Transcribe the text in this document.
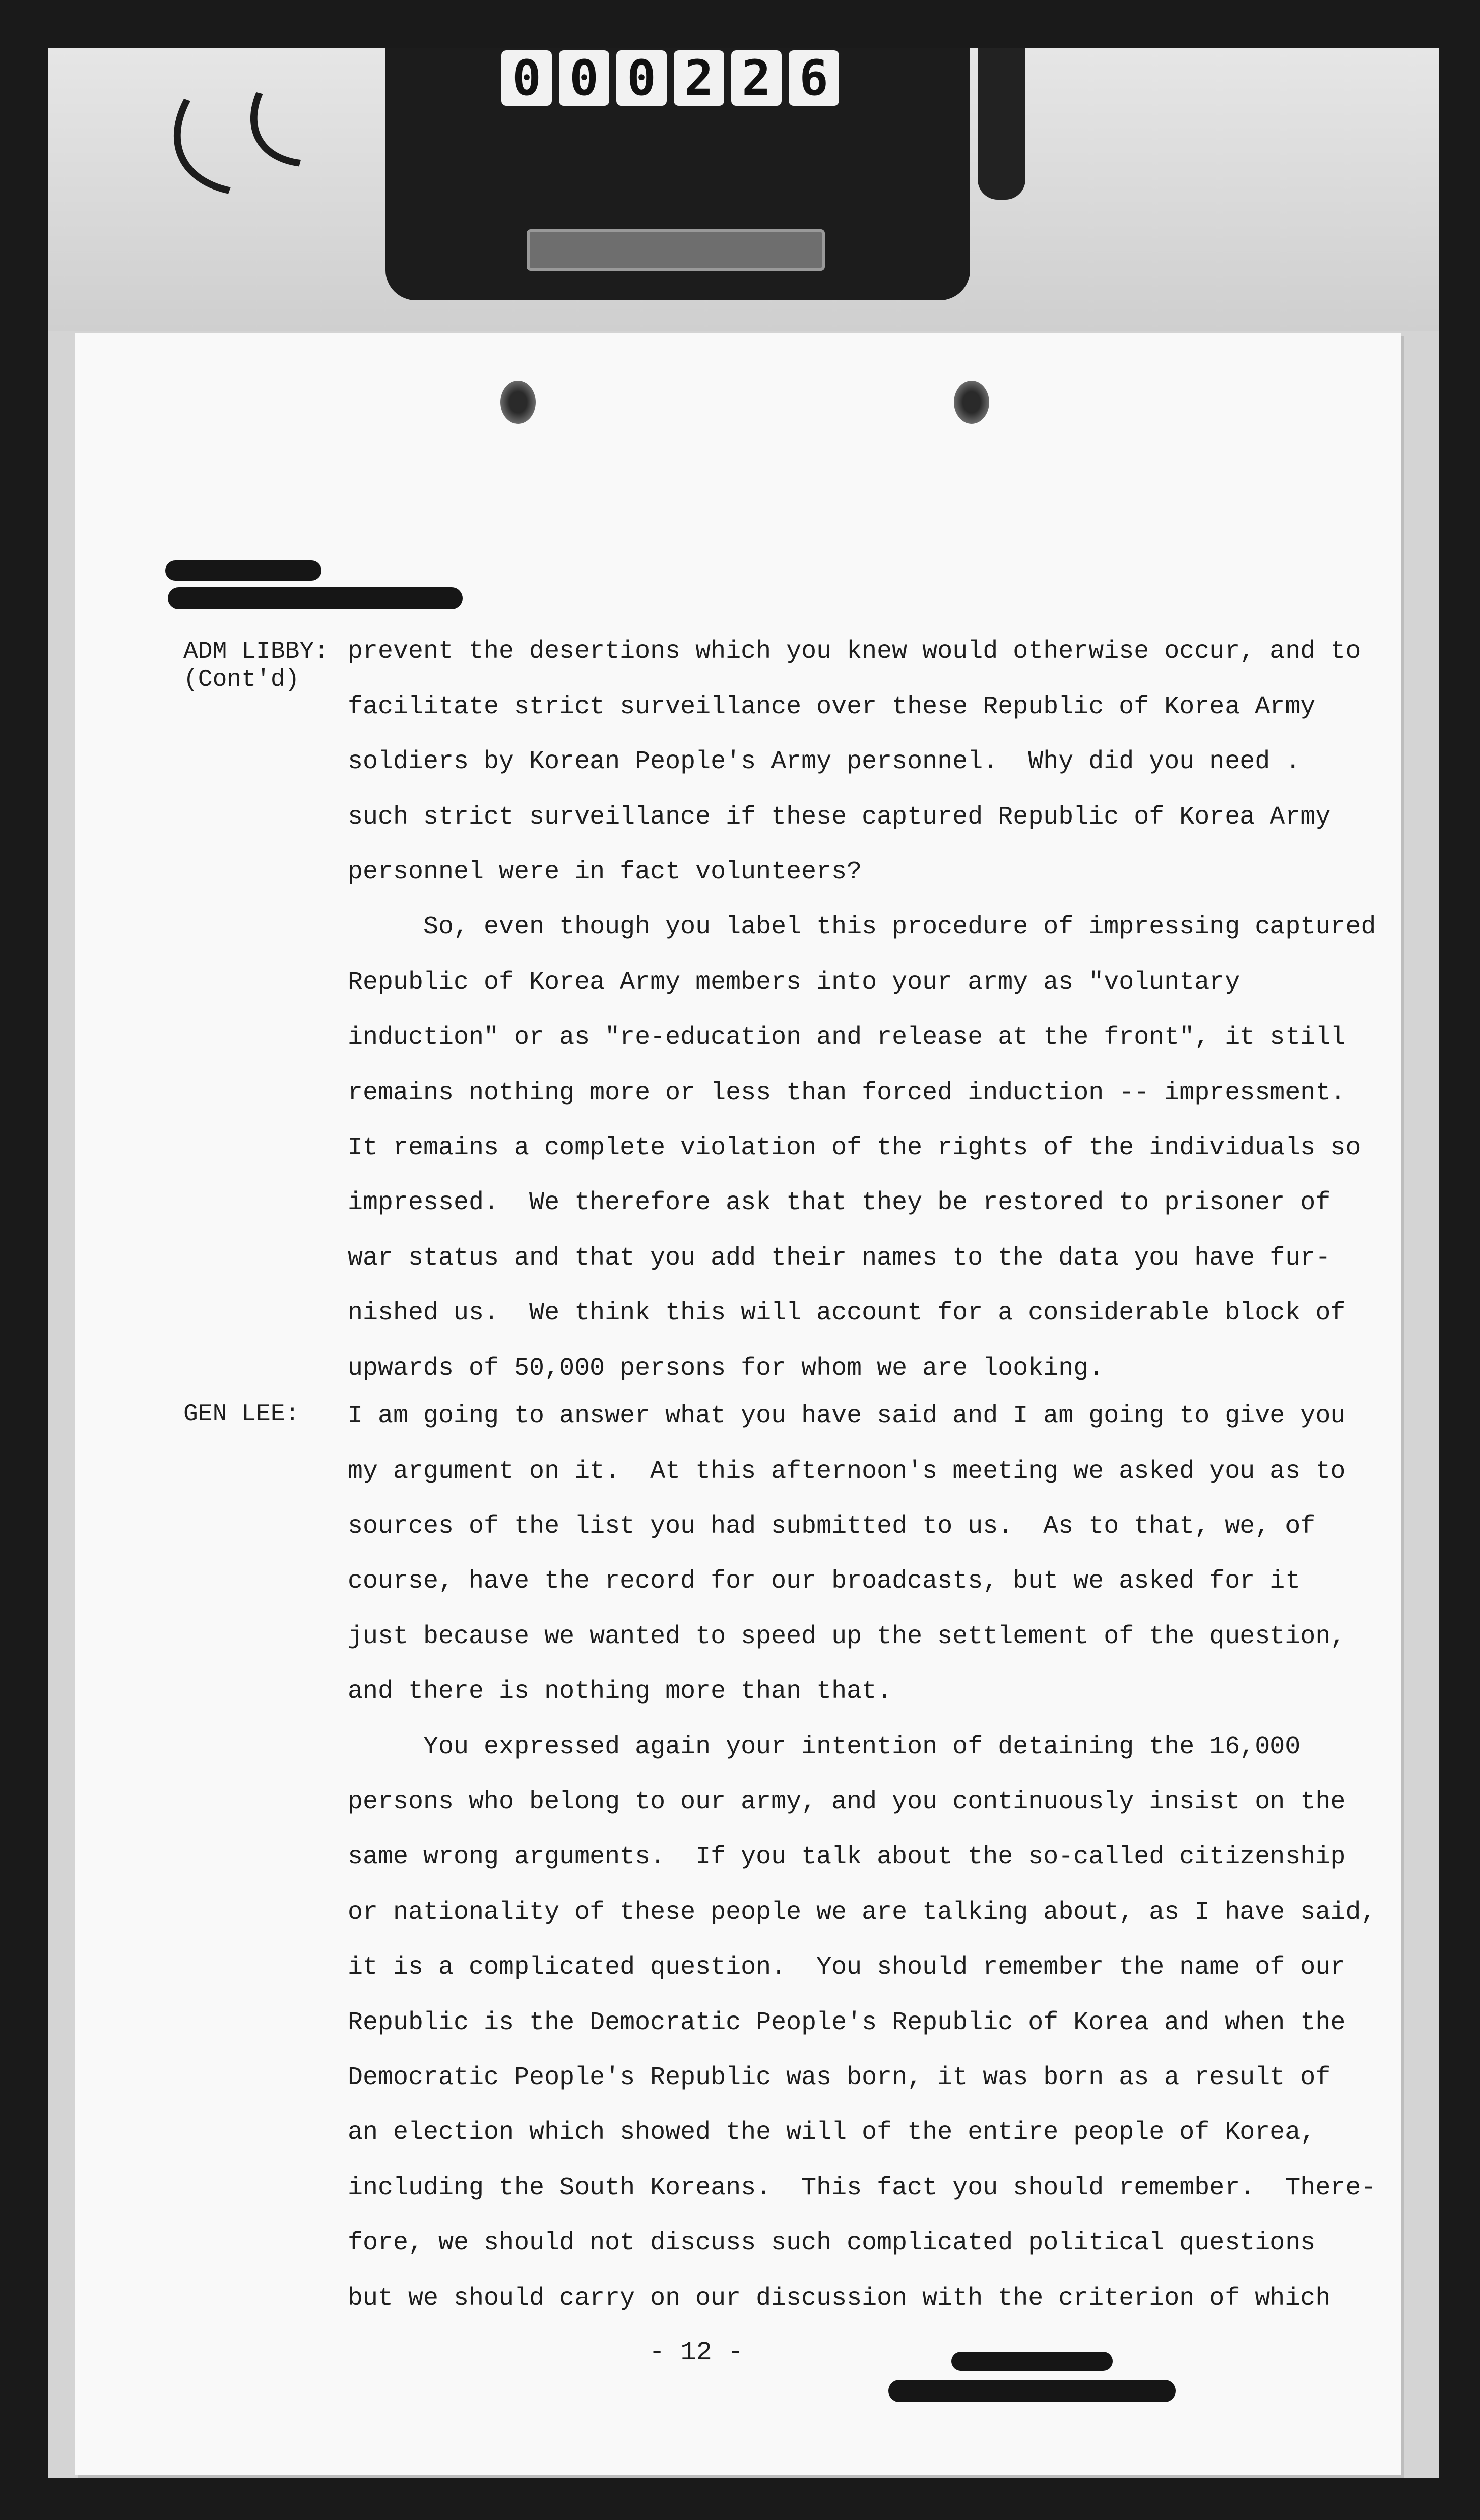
0 0 0 2 2 6
ADM LIBBY:
(Cont'd)
GEN LEE:
prevent the desertions which you knew would otherwise occur, and to
facilitate strict surveillance over these Republic of Korea Army
soldiers by Korean People's Army personnel.  Why did you need .
such strict surveillance if these captured Republic of Korea Army
personnel were in fact volunteers?
So, even though you label this procedure of impressing captured
Republic of Korea Army members into your army as "voluntary
induction" or as "re-education and release at the front", it still
remains nothing more or less than forced induction -- impressment.
It remains a complete violation of the rights of the individuals so
impressed.  We therefore ask that they be restored to prisoner of
war status and that you add their names to the data you have fur-
nished us.  We think this will account for a considerable block of
upwards of 50,000 persons for whom we are looking.
I am going to answer what you have said and I am going to give you
my argument on it.  At this afternoon's meeting we asked you as to
sources of the list you had submitted to us.  As to that, we, of
course, have the record for our broadcasts, but we asked for it
just because we wanted to speed up the settlement of the question,
and there is nothing more than that.
You expressed again your intention of detaining the 16,000
persons who belong to our army, and you continuously insist on the
same wrong arguments.  If you talk about the so-called citizenship
or nationality of these people we are talking about, as I have said,
it is a complicated question.  You should remember the name of our
Republic is the Democratic People's Republic of Korea and when the
Democratic People's Republic was born, it was born as a result of
an election which showed the will of the entire people of Korea,
including the South Koreans.  This fact you should remember.  There-
fore, we should not discuss such complicated political questions
but we should carry on our discussion with the criterion of which
- 12 -
